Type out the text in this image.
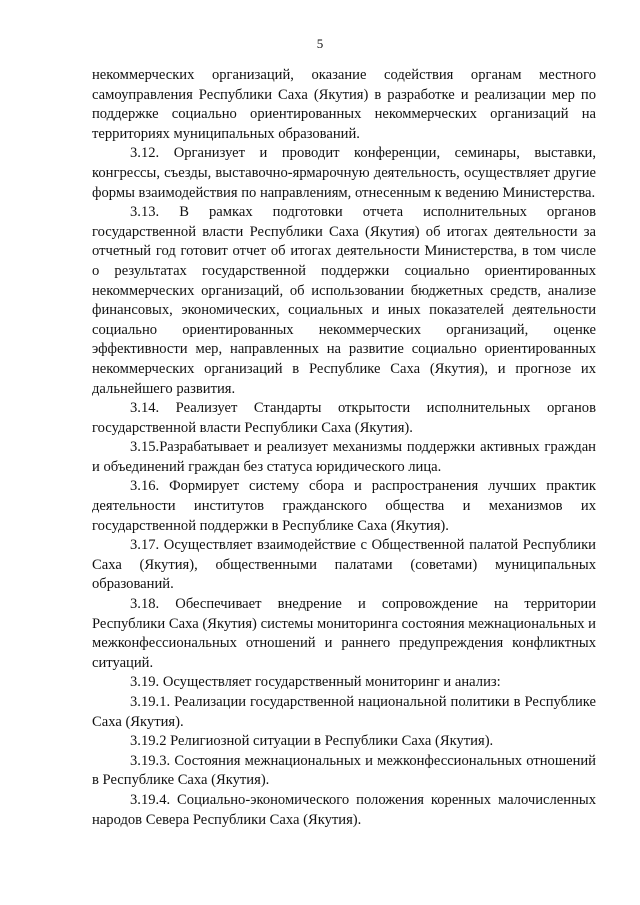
5

некоммерческих организаций, оказание содействия органам местного самоуправления Республики Саха (Якутия) в разработке и реализации мер по поддержке социально ориентированных некоммерческих организаций на территориях муниципальных образований.

3.12. Организует и проводит конференции, семинары, выставки, конгрессы, съезды, выставочно-ярмарочную деятельность, осуществляет другие формы взаимодействия по направлениям, отнесенным к ведению Министерства.

3.13. В рамках подготовки отчета исполнительных органов государственной власти Республики Саха (Якутия) об итогах деятельности за отчетный год готовит отчет об итогах деятельности Министерства, в том числе о результатах государственной поддержки социально ориентированных некоммерческих организаций, об использовании бюджетных средств, анализе финансовых, экономических, социальных и иных показателей деятельности социально ориентированных некоммерческих организаций, оценке эффективности мер, направленных на развитие социально ориентированных некоммерческих организаций в Республике Саха (Якутия), и прогнозе их дальнейшего развития.

3.14. Реализует Стандарты открытости исполнительных органов государственной власти Республики Саха (Якутия).

3.15.Разрабатывает и реализует механизмы поддержки активных граждан и объединений граждан без статуса юридического лица.

3.16. Формирует систему сбора и распространения лучших практик деятельности институтов гражданского общества и механизмов их государственной поддержки в Республике Саха (Якутия).

3.17. Осуществляет взаимодействие с Общественной палатой Республики Саха (Якутия), общественными палатами (советами) муниципальных образований.

3.18. Обеспечивает внедрение и сопровождение на территории Республики Саха (Якутия) системы мониторинга состояния межнациональных и межконфессиональных отношений и раннего предупреждения конфликтных ситуаций.

3.19. Осуществляет государственный мониторинг и анализ:

3.19.1. Реализации государственной национальной политики в Республике Саха (Якутия).

3.19.2 Религиозной ситуации в Республики Саха (Якутия).

3.19.3. Состояния межнациональных и межконфессиональных отношений в Республике Саха (Якутия).

3.19.4. Социально-экономического положения коренных малочисленных народов Севера Республики Саха (Якутия).
